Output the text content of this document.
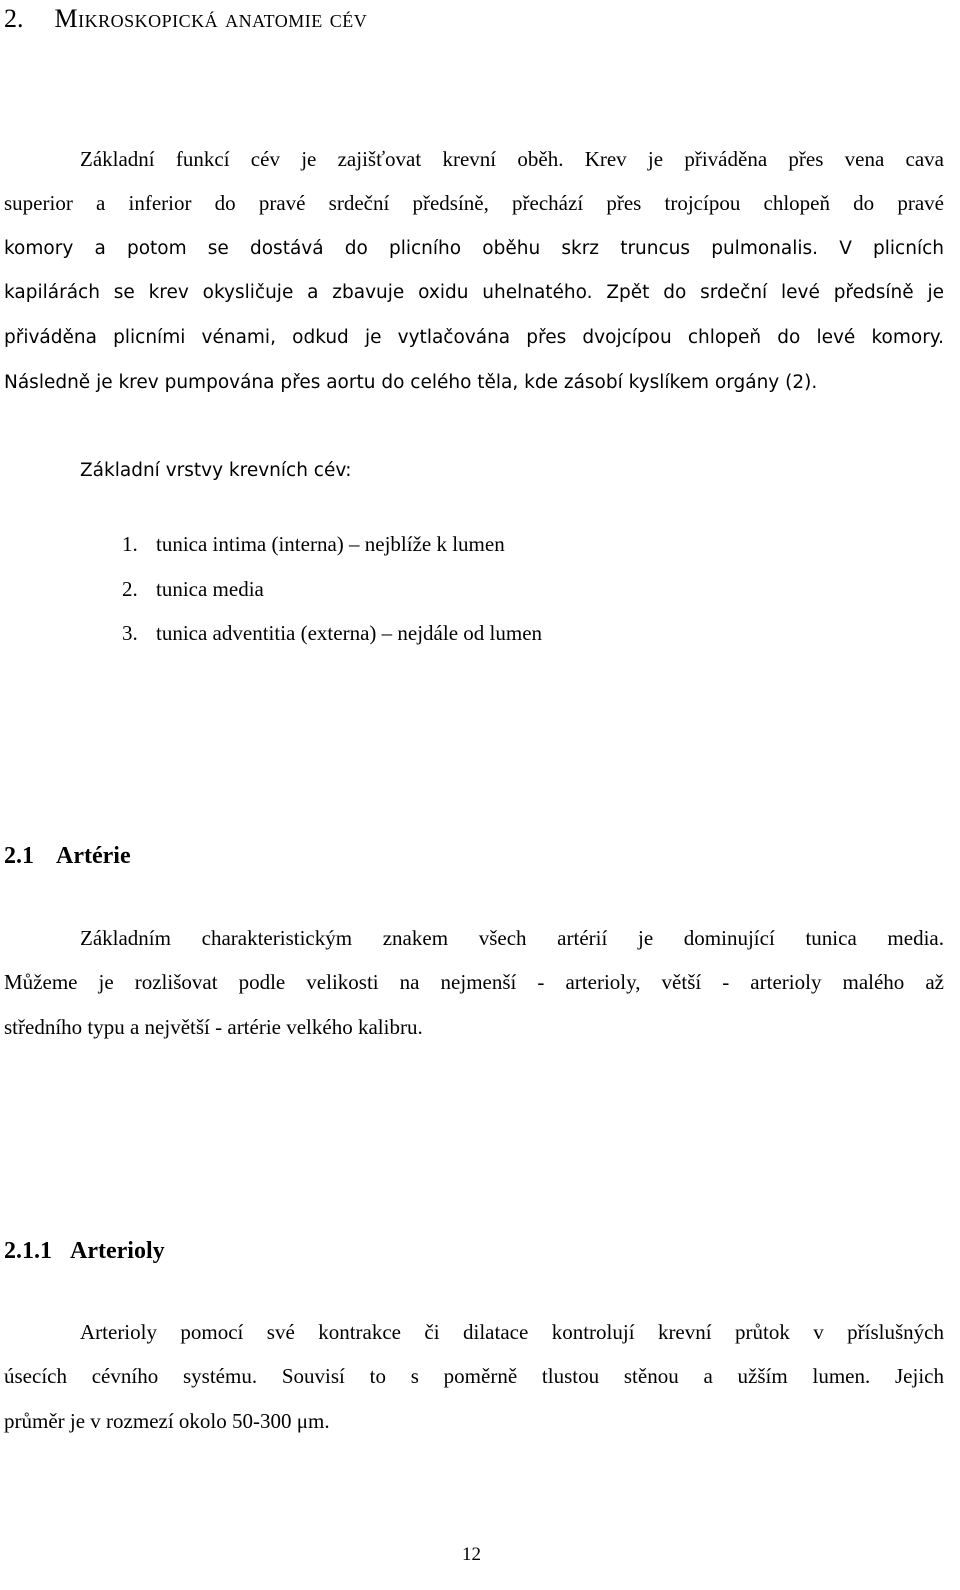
2. Mikroskopická anatomie cév
Základní funkcí cév je zajišťovat krevní oběh. Krev je přiváděna přes vena cava
superior a inferior do pravé srdeční předsíně, přechází přes trojcípou chlopeň do pravé
komory a potom se dostává do plicního oběhu skrz truncus pulmonalis. V plicních
kapilárách se krev okysličuje a zbavuje oxidu uhelnatého. Zpět do srdeční levé předsíně je
přiváděna plicními vénami, odkud je vytlačována přes dvojcípou chlopeň do levé komory.
Následně je krev pumpována přes aortu do celého těla, kde zásobí kyslíkem orgány (2).
Základní vrstvy krevních cév:
1. tunica intima (interna) – nejblíže k lumen
2. tunica media
3. tunica adventitia (externa) – nejdále od lumen
2.1 Artérie
Základním charakteristickým znakem všech artérií je dominující tunica media.
Můžeme je rozlišovat podle velikosti na nejmenší - arterioly, větší - arterioly malého až
středního typu a největší - artérie velkého kalibru.
2.1.1 Arterioly
Arterioly pomocí své kontrakce či dilatace kontrolují krevní průtok v příslušných
úsecích cévního systému. Souvisí to s poměrně tlustou stěnou a užším lumen. Jejich
průměr je v rozmezí okolo 50-300 μm.
12
